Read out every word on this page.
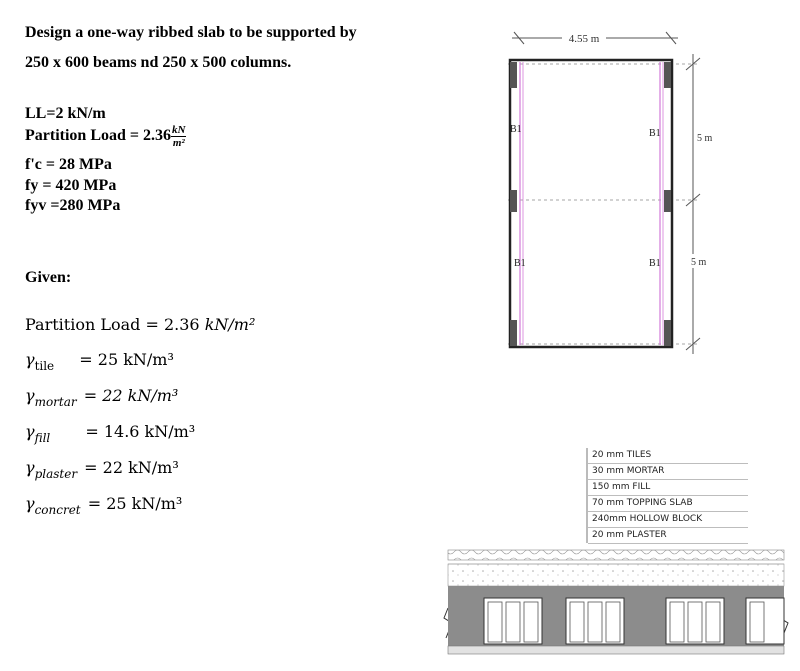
Design a one-way ribbed slab to be supported by
250 x 600 beams nd 250 x 500 columns.
LL=2 kN/m
Partition Load = $2.36 \frac{kN}{\text{m²}}$
f'c = 28 MPa
fy = 420 MPa
fyv =280 MPa
Given:
Partition Load = 2.36 kN/m²
$\gamma_{tile} = 25$ kN/m³
$\gamma_{mortar} = 22$ kN/m³
$\gamma_{fill} = 14.6$ kN/m³
$\gamma_{plaster} = 22$ kN/m³
$\gamma_{concret} = 25$ kN/m³
4.55 m
B1	B1
B1	B1
5 m
5 m
20 mm TILES
30 mm MORTAR
150 mm FILL
70 mm TOPPING SLAB
240mm HOLLOW BLOCK
20 mm PLASTER
